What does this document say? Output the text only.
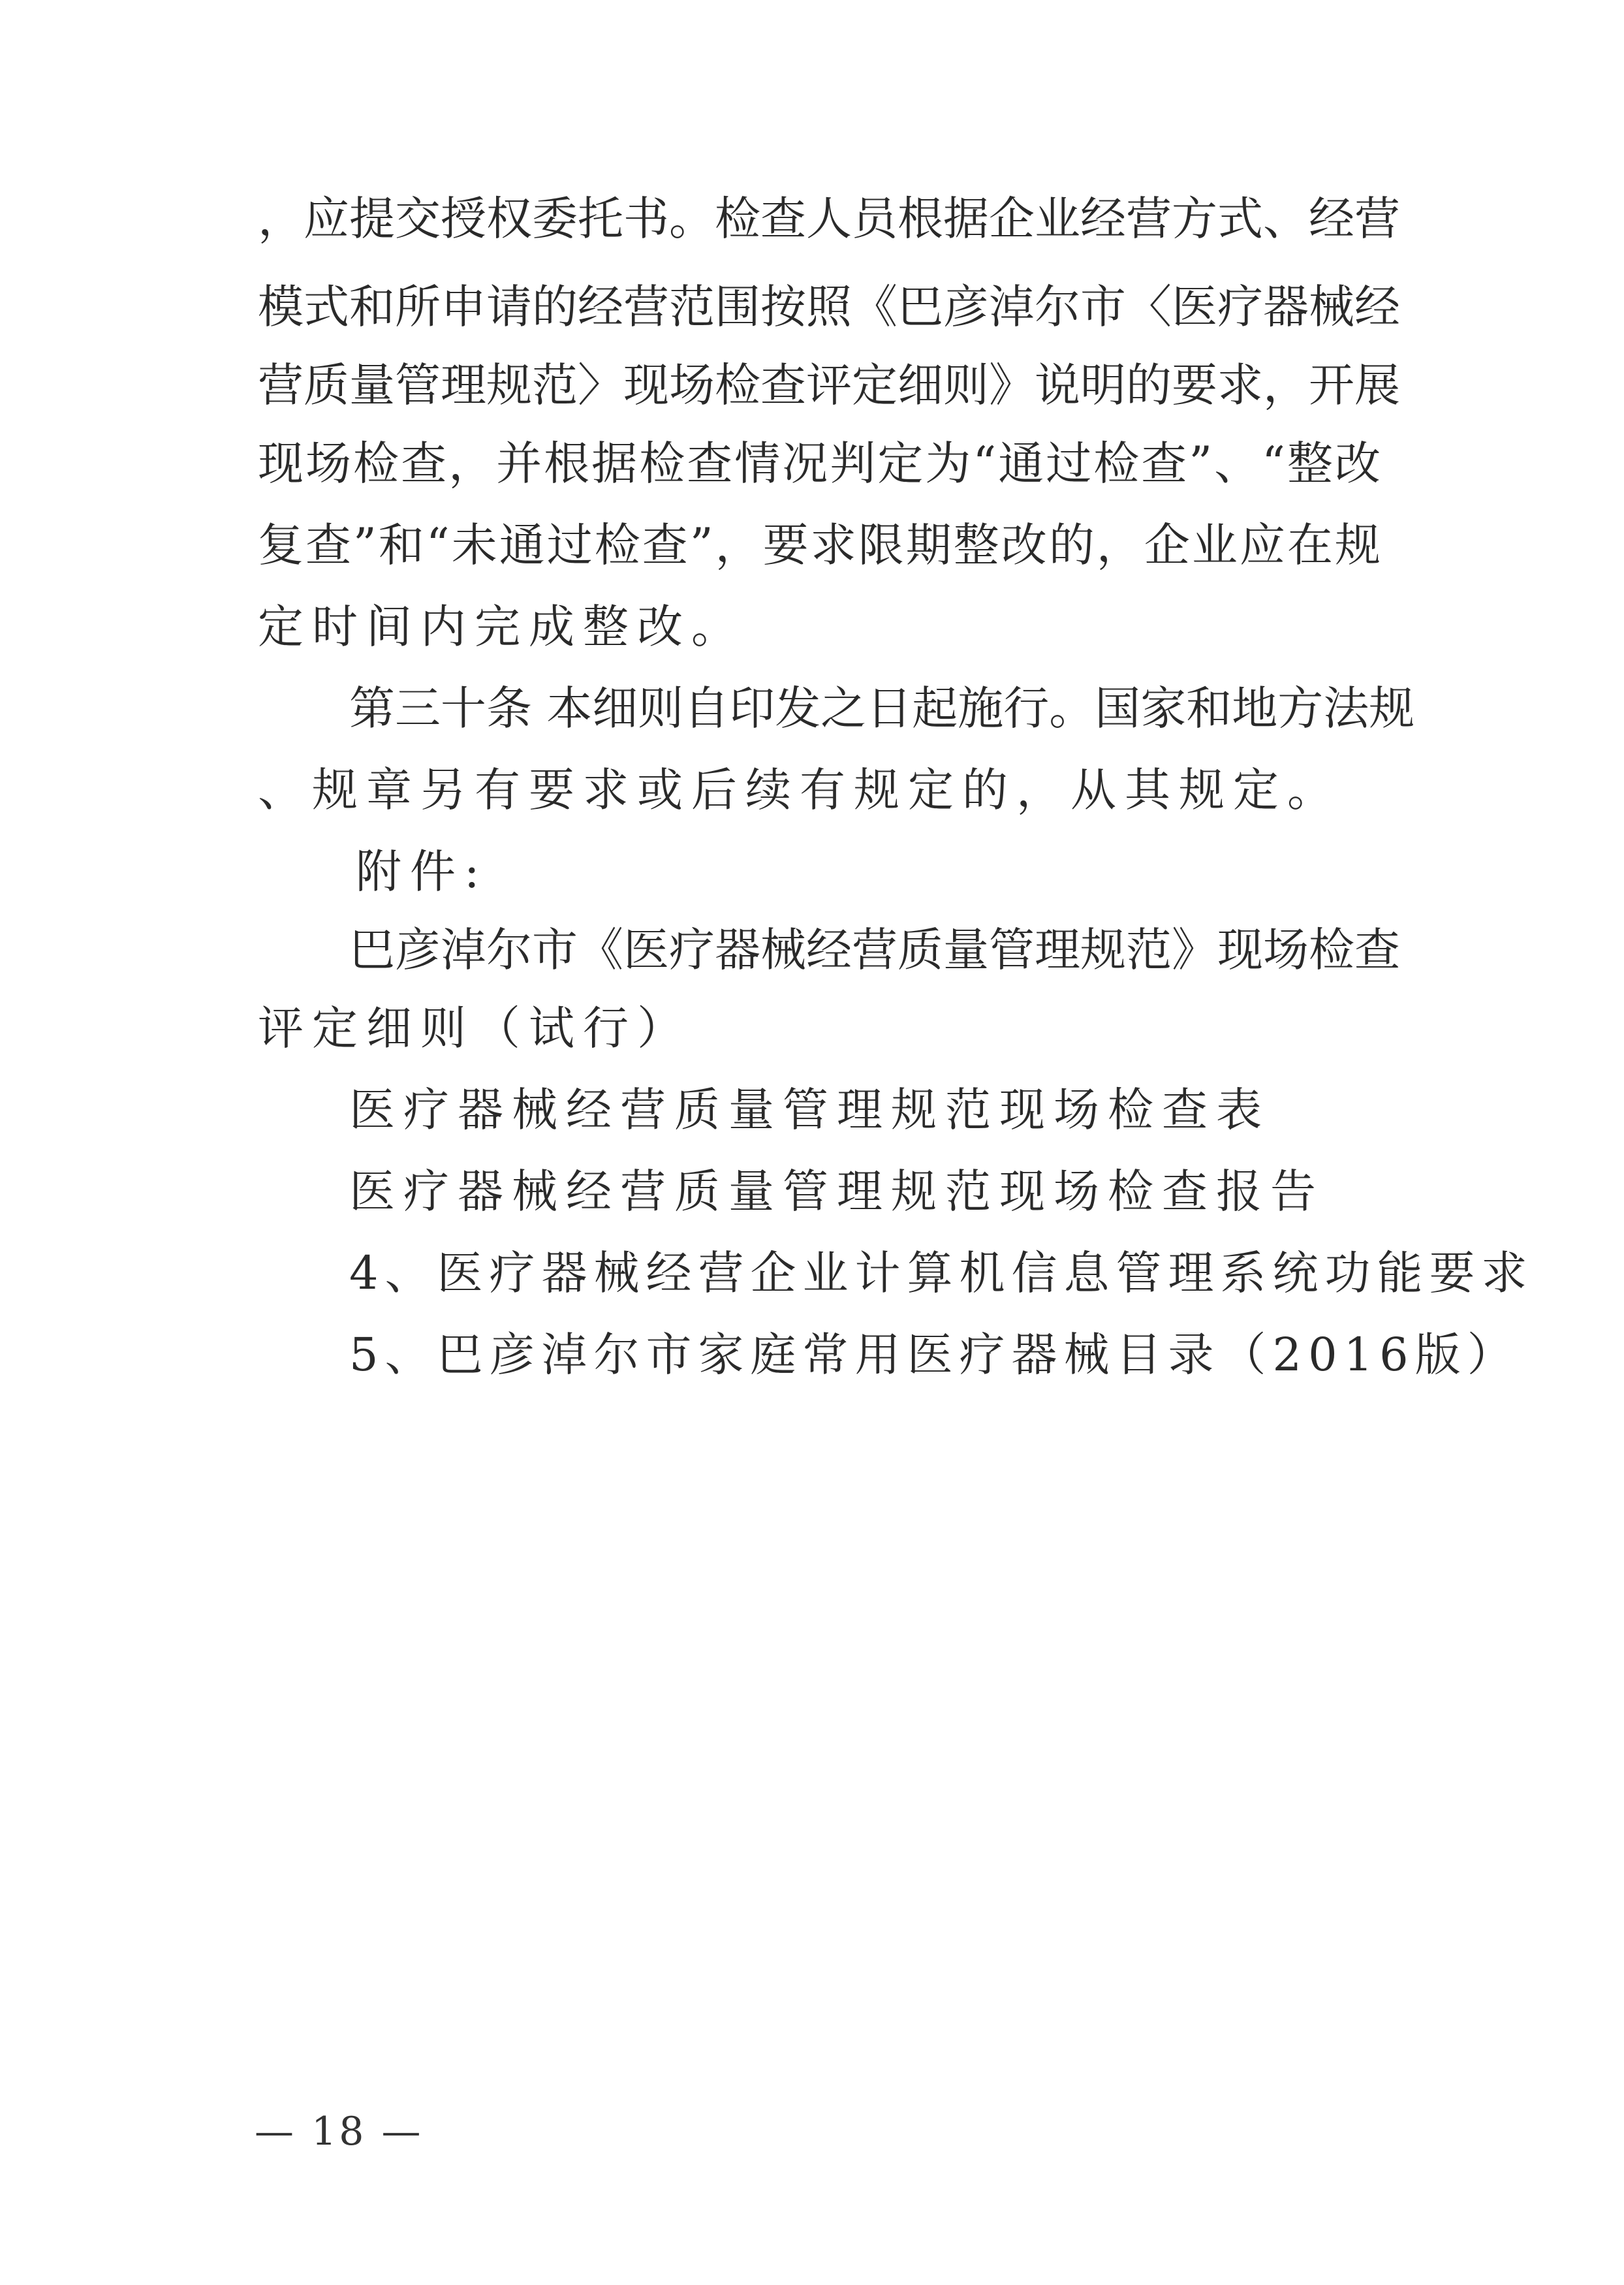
，应提交授权委托书。检查人员根据企业经营方式、经营
模式和所申请的经营范围按照《巴彦淖尔市〈医疗器械经
营质量管理规范〉现场检查评定细则》说明的要求，开展
现场检查，并根据检查情况判定为“通过检查”、“整改
复查”和“未通过检查”，要求限期整改的，企业应在规
定时间内完成整改。
第三十条 本细则自印发之日起施行。国家和地方法规
、规章另有要求或后续有规定的，从其规定。
附件:
巴彦淖尔市《医疗器械经营质量管理规范》现场检查
评定细则（试行）
医疗器械经营质量管理规范现场检查表
医疗器械经营质量管理规范现场检查报告
4、医疗器械经营企业计算机信息管理系统功能要求
5、巴彦淖尔市家庭常用医疗器械目录（2016版）
— 18 —
